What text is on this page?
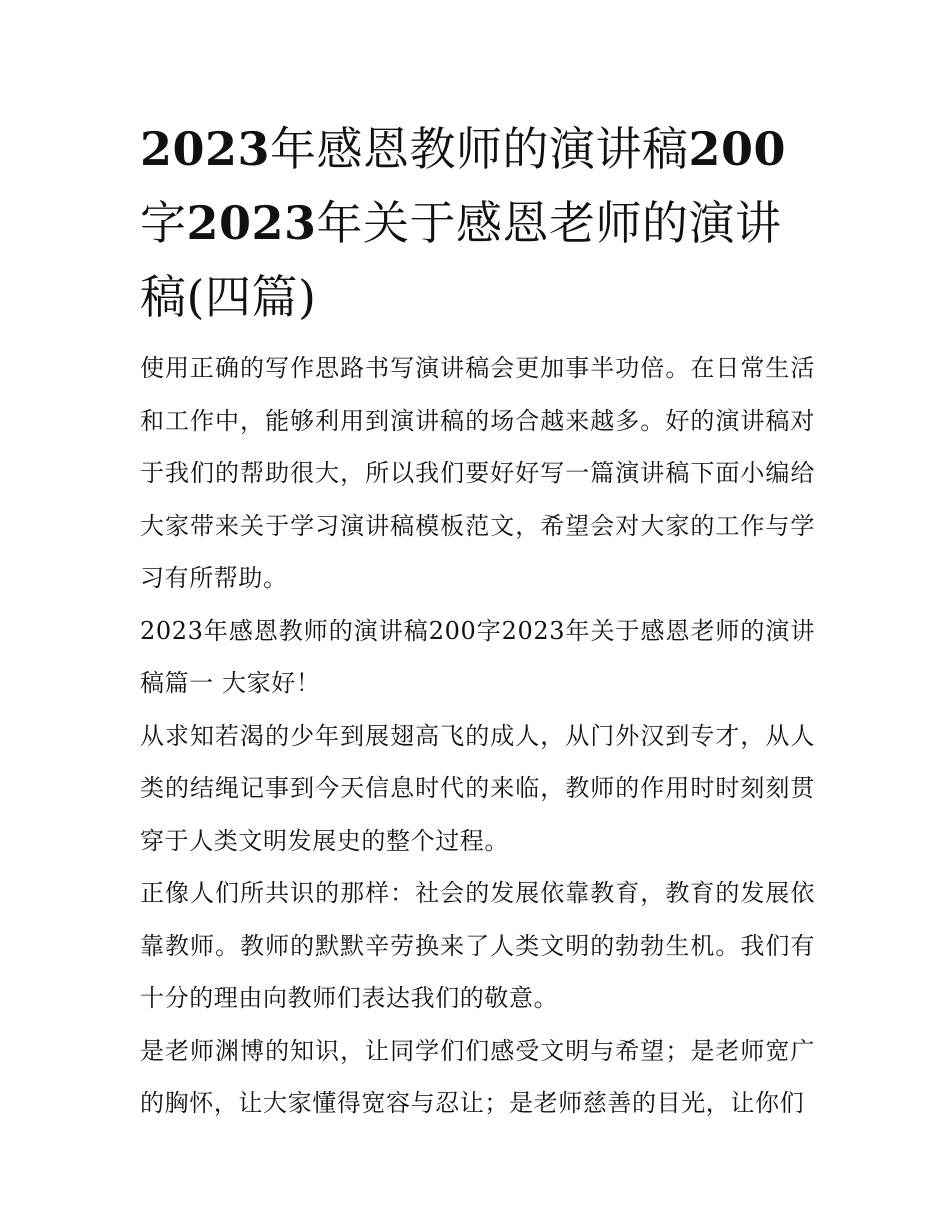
2023年感恩教师的演讲稿200字2023年关于感恩老师的演讲稿(四篇)

使用正确的写作思路书写演讲稿会更加事半功倍。在日常生活和工作中，能够利用到演讲稿的场合越来越多。好的演讲稿对于我们的帮助很大，所以我们要好好写一篇演讲稿下面小编给大家带来关于学习演讲稿模板范文，希望会对大家的工作与学习有所帮助。

2023年感恩教师的演讲稿200字2023年关于感恩老师的演讲稿篇一 大家好！

从求知若渴的少年到展翅高飞的成人，从门外汉到专才，从人类的结绳记事到今天信息时代的来临，教师的作用时时刻刻贯穿于人类文明发展史的整个过程。

正像人们所共识的那样：社会的发展依靠教育，教育的发展依靠教师。教师的默默辛劳换来了人类文明的勃勃生机。我们有十分的理由向教师们表达我们的敬意。

是老师渊博的知识，让同学们们感受文明与希望；是老师宽广的胸怀，让大家懂得宽容与忍让；是老师慈善的目光，让你们
